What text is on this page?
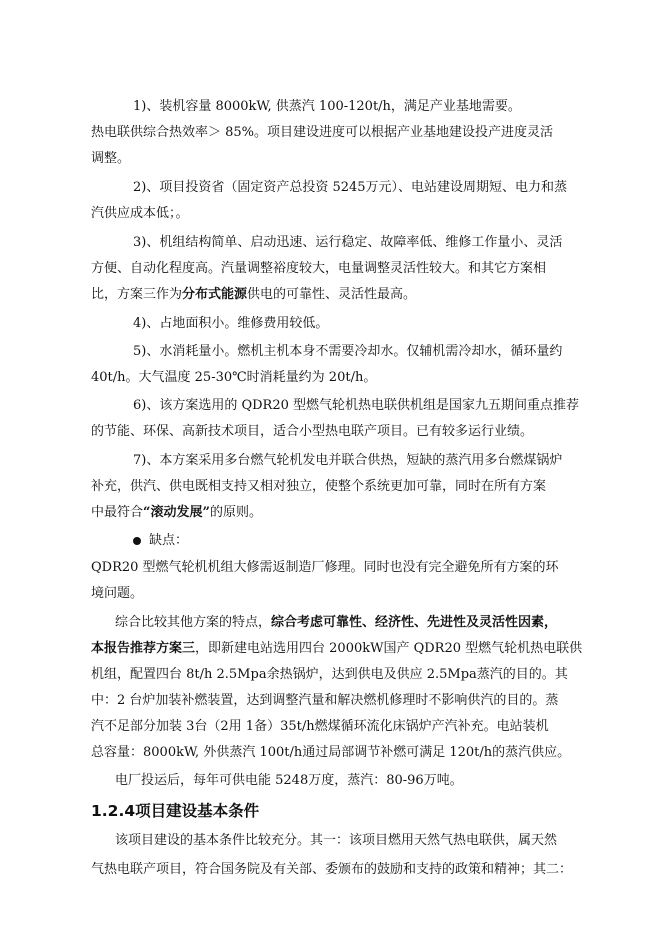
1)、装机容量 8000kW, 供蒸汽 100-120t/h，满足产业基地需要。

热电联供综合热效率＞ 85%。项目建设进度可以根据产业基地建设投产进度灵活

调整。

2)、项目投资省（固定资产总投资 5245万元）、电站建设周期短、电力和蒸

汽供应成本低；。

3)、机组结构简单、启动迅速、运行稳定、故障率低、维修工作量小、灵活

方便、自动化程度高。汽量调整裕度较大，电量调整灵活性较大。和其它方案相

比，方案三作为分布式能源供电的可靠性、灵活性最高。

4)、占地面积小。维修费用较低。

5)、水消耗量小。燃机主机本身不需要冷却水。仅辅机需冷却水，循环量约

40t/h。大气温度 25-30℃时消耗量约为 20t/h。

6)、该方案选用的 QDR20 型燃气轮机热电联供机组是国家九五期间重点推荐

的节能、环保、高新技术项目，适合小型热电联产项目。已有较多运行业绩。

7)、本方案采用多台燃气轮机发电并联合供热，短缺的蒸汽用多台燃煤锅炉

补充，供汽、供电既相支持又相对独立，使整个系统更加可靠，同时在所有方案

中最符合“滚动发展”的原则。

缺点：

QDR20 型燃气轮机机组大修需返制造厂修理。同时也没有完全避免所有方案的环

境问题。

综合比较其他方案的特点，综合考虑可靠性、经济性、先进性及灵活性因素，

本报告推荐方案三，即新建电站选用四台 2000kW国产 QDR20 型燃气轮机热电联供

机组，配置四台 8t/h 2.5Mpa余热锅炉，达到供电及供应 2.5Mpa蒸汽的目的。其

中：2 台炉加装补燃装置，达到调整汽量和解决燃机修理时不影响供汽的目的。蒸

汽不足部分加装 3台（2用 1备）35t/h燃煤循环流化床锅炉产汽补充。电站装机

总容量：8000kW, 外供蒸汽 100t/h通过局部调节补燃可满足 120t/h的蒸汽供应。

电厂投运后，每年可供电能 5248万度，蒸汽：80-96万吨。

1.2.4项目建设基本条件

该项目建设的基本条件比较充分。其一：该项目燃用天然气热电联供，属天然

气热电联产项目，符合国务院及有关部、委颁布的鼓励和支持的政策和精神；其二：
